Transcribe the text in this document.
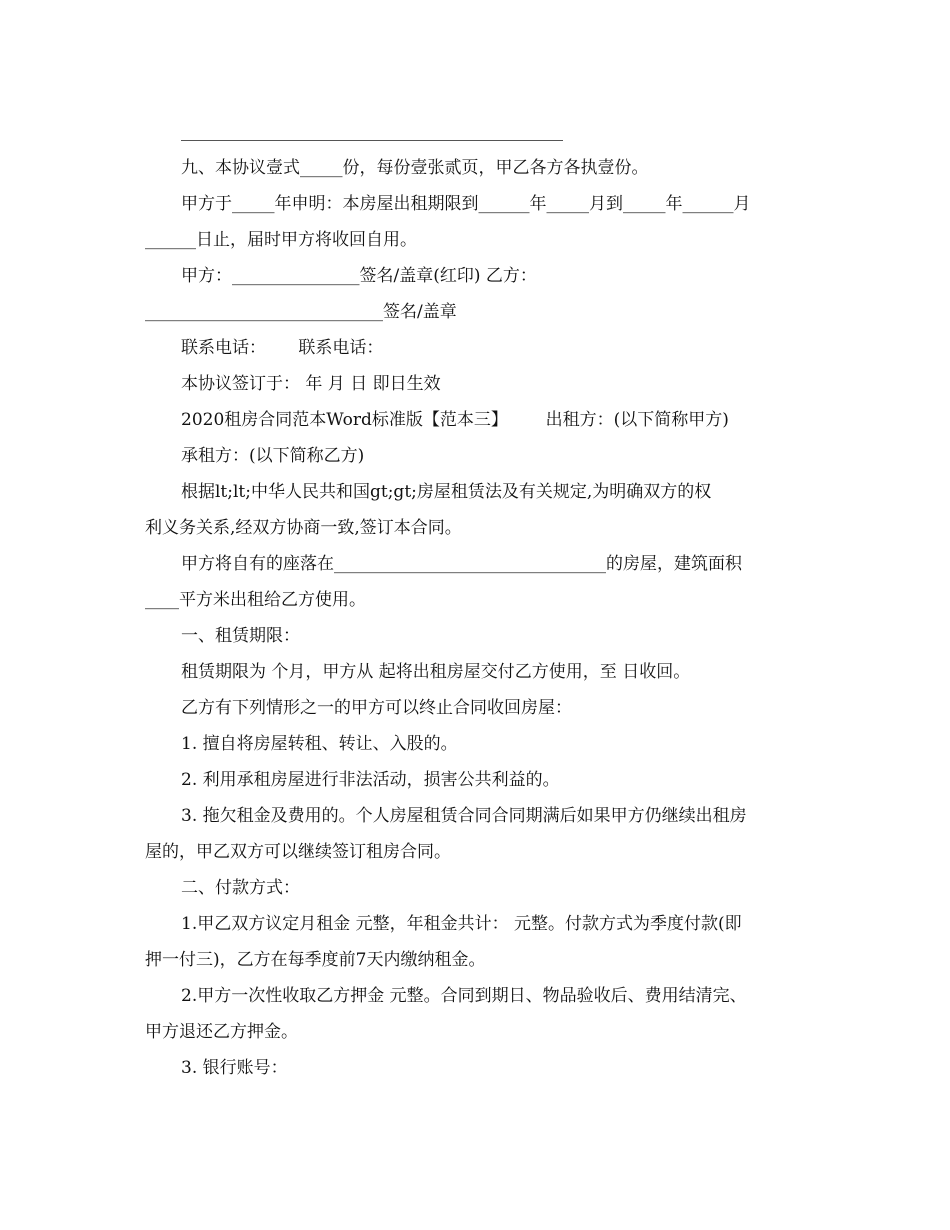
九、本协议壹式_____份，每份壹张贰页，甲乙各方各执壹份。
甲方于_____年申明：本房屋出租期限到______年_____月到_____年______月
______日止，届时甲方将收回自用。
甲方：_______________签名/盖章(红印) 乙方：
____________________________签名/盖章
联系电话：      联系电话：
本协议签订于： 年 月 日 即日生效
2020租房合同范本Word标准版【范本三】       出租方：(以下简称甲方)
承租方：(以下简称乙方)
根据lt;lt;中华人民共和国gt;gt;房屋租赁法及有关规定,为明确双方的权
利义务关系,经双方协商一致,签订本合同。
甲方将自有的座落在________________________________的房屋，建筑面积
____平方米出租给乙方使用。
一、租赁期限：
租赁期限为 个月，甲方从 起将出租房屋交付乙方使用，至 日收回。
乙方有下列情形之一的甲方可以终止合同收回房屋：
1. 擅自将房屋转租、转让、入股的。
2. 利用承租房屋进行非法活动，损害公共利益的。
3. 拖欠租金及费用的。个人房屋租赁合同合同期满后如果甲方仍继续出租房
屋的，甲乙双方可以继续签订租房合同。
二、付款方式：
1.甲乙双方议定月租金 元整，年租金共计： 元整。付款方式为季度付款(即
押一付三)，乙方在每季度前7天内缴纳租金。
2.甲方一次性收取乙方押金 元整。合同到期日、物品验收后、费用结清完、
甲方退还乙方押金。
3. 银行账号：
